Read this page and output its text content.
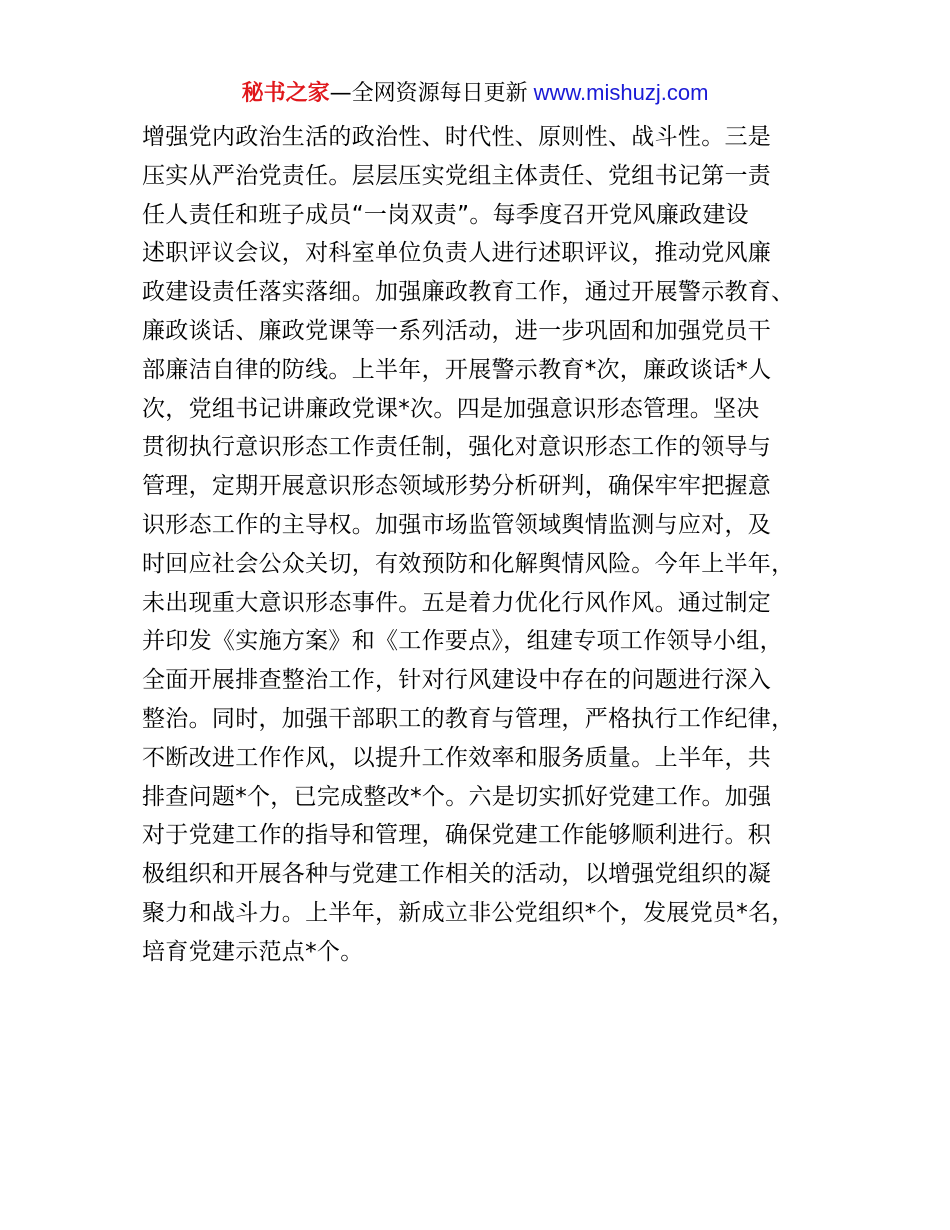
秘书之家—全网资源每日更新 www.mishuzj.com
增强党内政治生活的政治性、时代性、原则性、战斗性。三是
压实从严治党责任。层层压实党组主体责任、党组书记第一责
任人责任和班子成员“一岗双责”。每季度召开党风廉政建设
述职评议会议，对科室单位负责人进行述职评议，推动党风廉
政建设责任落实落细。加强廉政教育工作，通过开展警示教育、
廉政谈话、廉政党课等一系列活动，进一步巩固和加强党员干
部廉洁自律的防线。上半年，开展警示教育*次，廉政谈话*人
次，党组书记讲廉政党课*次。四是加强意识形态管理。坚决
贯彻执行意识形态工作责任制，强化对意识形态工作的领导与
管理，定期开展意识形态领域形势分析研判，确保牢牢把握意
识形态工作的主导权。加强市场监管领域舆情监测与应对，及
时回应社会公众关切，有效预防和化解舆情风险。今年上半年，
未出现重大意识形态事件。五是着力优化行风作风。通过制定
并印发《实施方案》和《工作要点》，组建专项工作领导小组，
全面开展排查整治工作，针对行风建设中存在的问题进行深入
整治。同时，加强干部职工的教育与管理，严格执行工作纪律，
不断改进工作作风，以提升工作效率和服务质量。上半年，共
排查问题*个，已完成整改*个。六是切实抓好党建工作。加强
对于党建工作的指导和管理，确保党建工作能够顺利进行。积
极组织和开展各种与党建工作相关的活动，以增强党组织的凝
聚力和战斗力。上半年，新成立非公党组织*个，发展党员*名，
培育党建示范点*个。
